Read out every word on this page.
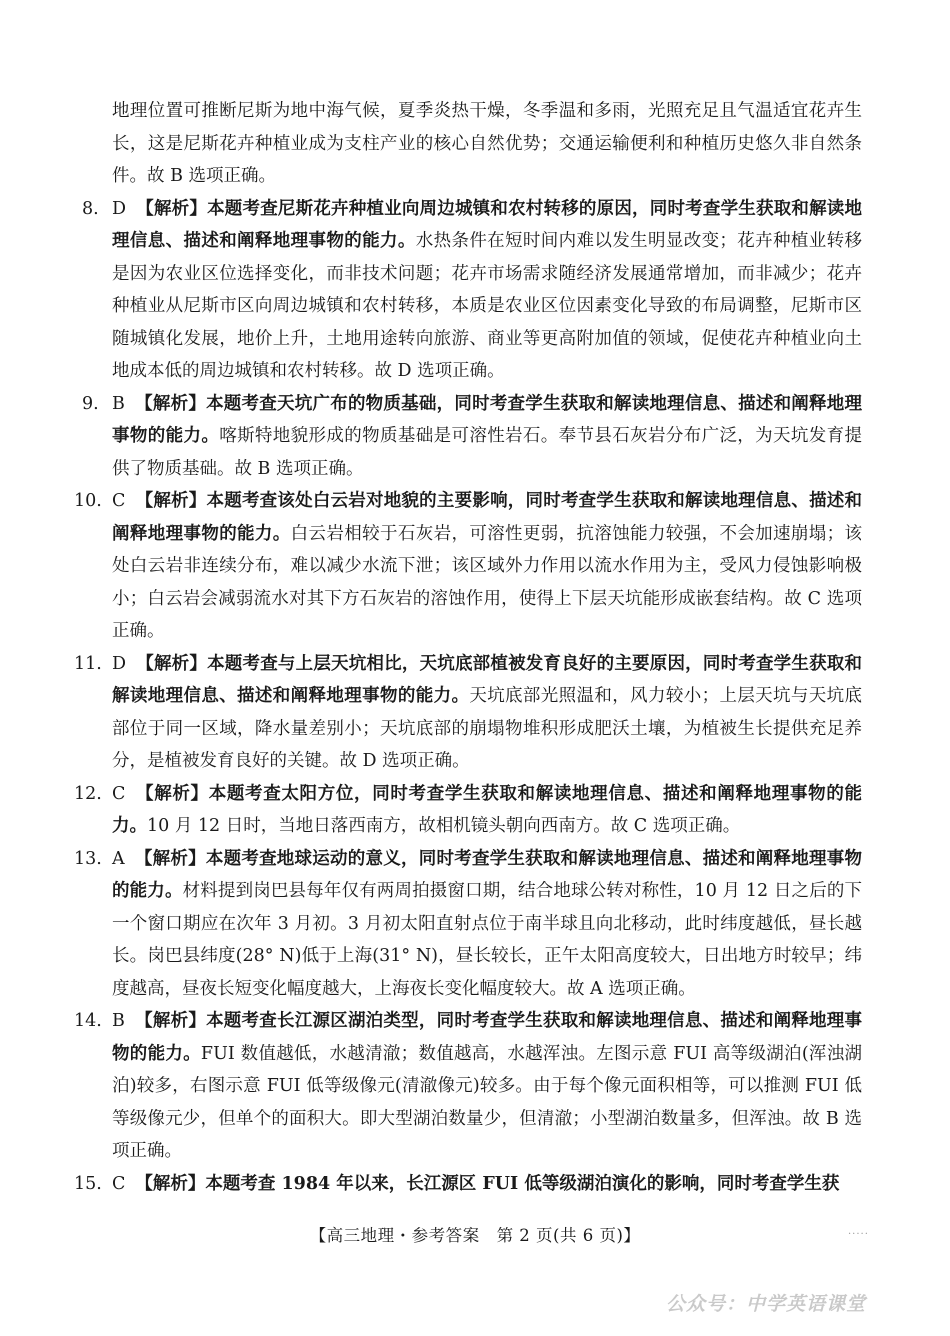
地理位置可推断尼斯为地中海气候，夏季炎热干燥，冬季温和多雨，光照充足且气温适宜花卉生长，这是尼斯花卉种植业成为支柱产业的核心自然优势；交通运输便利和种植历史悠久非自然条件。故 B 选项正确。
8. D 【解析】本题考查尼斯花卉种植业向周边城镇和农村转移的原因，同时考查学生获取和解读地理信息、描述和阐释地理事物的能力。水热条件在短时间内难以发生明显改变；花卉种植业转移是因为农业区位选择变化，而非技术问题；花卉市场需求随经济发展通常增加，而非减少；花卉种植业从尼斯市区向周边城镇和农村转移，本质是农业区位因素变化导致的布局调整，尼斯市区随城镇化发展，地价上升，土地用途转向旅游、商业等更高附加值的领域，促使花卉种植业向土地成本低的周边城镇和农村转移。故 D 选项正确。
9. B 【解析】本题考查天坑广布的物质基础，同时考查学生获取和解读地理信息、描述和阐释地理事物的能力。喀斯特地貌形成的物质基础是可溶性岩石。奉节县石灰岩分布广泛，为天坑发育提供了物质基础。故 B 选项正确。
10. C 【解析】本题考查该处白云岩对地貌的主要影响，同时考查学生获取和解读地理信息、描述和阐释地理事物的能力。白云岩相较于石灰岩，可溶性更弱，抗溶蚀能力较强，不会加速崩塌；该处白云岩非连续分布，难以减少水流下泄；该区域外力作用以流水作用为主，受风力侵蚀影响极小；白云岩会减弱流水对其下方石灰岩的溶蚀作用，使得上下层天坑能形成嵌套结构。故 C 选项正确。
11. D 【解析】本题考查与上层天坑相比，天坑底部植被发育良好的主要原因，同时考查学生获取和解读地理信息、描述和阐释地理事物的能力。天坑底部光照温和，风力较小；上层天坑与天坑底部位于同一区域，降水量差别小；天坑底部的崩塌物堆积形成肥沃土壤，为植被生长提供充足养分，是植被发育良好的关键。故 D 选项正确。
12. C 【解析】本题考查太阳方位，同时考查学生获取和解读地理信息、描述和阐释地理事物的能力。10 月 12 日时，当地日落西南方，故相机镜头朝向西南方。故 C 选项正确。
13. A 【解析】本题考查地球运动的意义，同时考查学生获取和解读地理信息、描述和阐释地理事物的能力。材料提到岗巴县每年仅有两周拍摄窗口期，结合地球公转对称性，10 月 12 日之后的下一个窗口期应在次年 3 月初。3 月初太阳直射点位于南半球且向北移动，此时纬度越低，昼长越长。岗巴县纬度(28° N)低于上海(31° N)，昼长较长，正午太阳高度较大，日出地方时较早；纬度越高，昼夜长短变化幅度越大，上海夜长变化幅度较大。故 A 选项正确。
14. B 【解析】本题考查长江源区湖泊类型，同时考查学生获取和解读地理信息、描述和阐释地理事物的能力。FUI 数值越低，水越清澈；数值越高，水越浑浊。左图示意 FUI 高等级湖泊(浑浊湖泊)较多，右图示意 FUI 低等级像元(清澈像元)较多。由于每个像元面积相等，可以推测 FUI 低等级像元少，但单个的面积大。即大型湖泊数量少，但清澈；小型湖泊数量多，但浑浊。故 B 选项正确。
15. C 【解析】本题考查 1984 年以来，长江源区 FUI 低等级湖泊演化的影响，同时考查学生获
【高三地理・参考答案　第 2 页(共 6 页)】	.....
公众号：中学英语课堂
